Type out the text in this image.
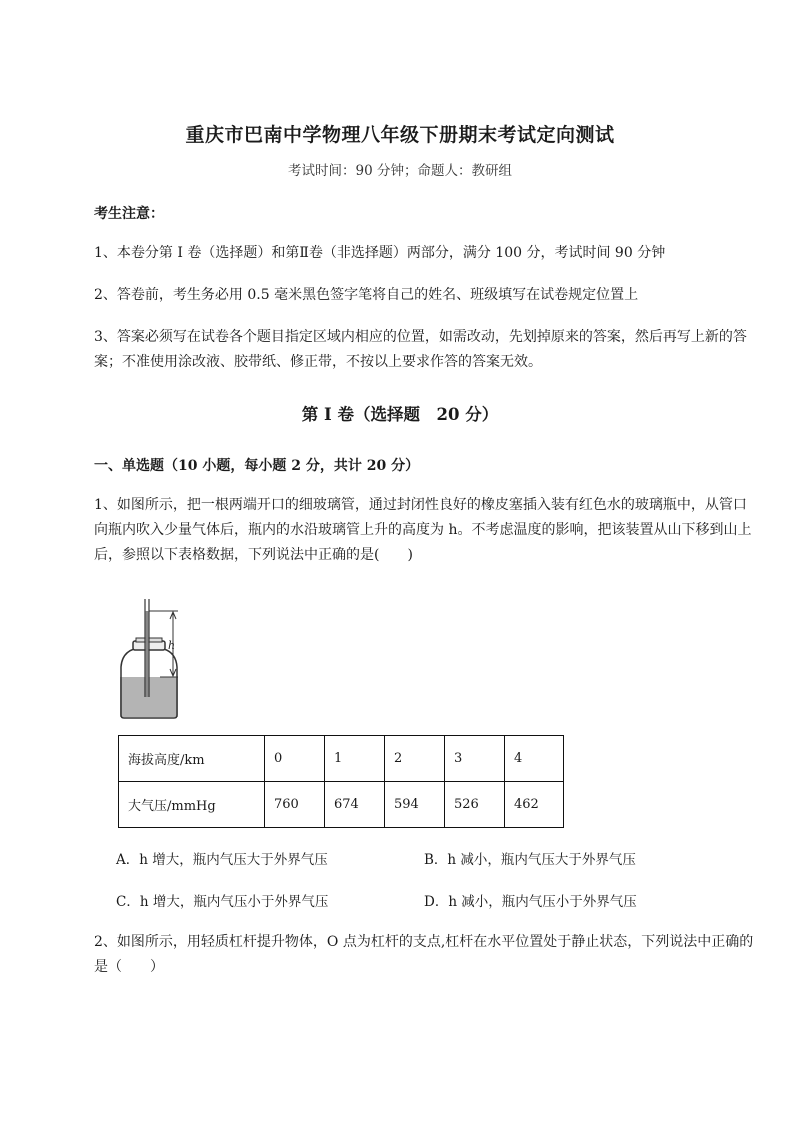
重庆市巴南中学物理八年级下册期末考试定向测试
考试时间：90 分钟；命题人：教研组
考生注意：
1、本卷分第 I 卷（选择题）和第Ⅱ卷（非选择题）两部分，满分 100 分，考试时间 90 分钟
2、答卷前，考生务必用 0.5 毫米黑色签字笔将自己的姓名、班级填写在试卷规定位置上
3、答案必须写在试卷各个题目指定区域内相应的位置，如需改动，先划掉原来的答案，然后再写上新的答案；不准使用涂改液、胶带纸、修正带，不按以上要求作答的答案无效。
第 I 卷（选择题　20 分）
一、单选题（10 小题，每小题 2 分，共计 20 分）
1、如图所示，把一根两端开口的细玻璃管，通过封闭性良好的橡皮塞插入装有红色水的玻璃瓶中，从管口向瓶内吹入少量气体后，瓶内的水沿玻璃管上升的高度为 h。不考虑温度的影响，把该装置从山下移到山上后，参照以下表格数据，下列说法中正确的是(　　)
h
海拔高度/km	0	1	2	3	4
大气压/mmHg	760	674	594	526	462
A．h 增大，瓶内气压大于外界气压	B．h 减小，瓶内气压大于外界气压
C．h 增大，瓶内气压小于外界气压	D．h 减小，瓶内气压小于外界气压
2、如图所示，用轻质杠杆提升物体，O 点为杠杆的支点,杠杆在水平位置处于静止状态，下列说法中正确的是（　　）
